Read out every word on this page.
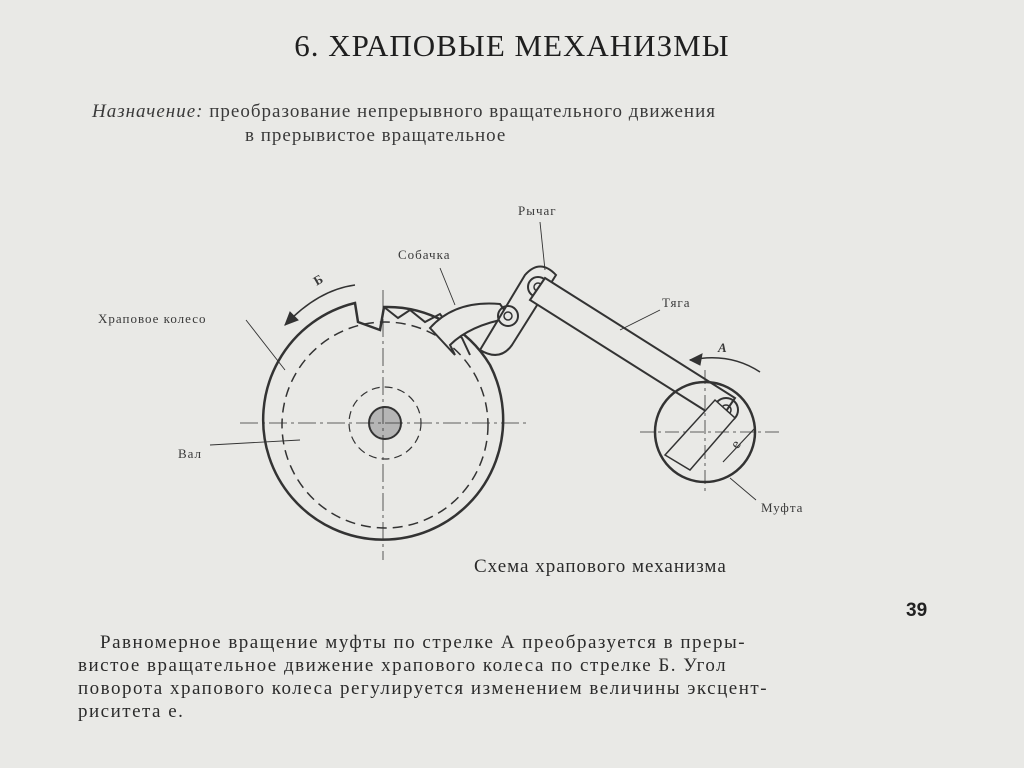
6. ХРАПОВЫЕ МЕХАНИЗМЫ
Назначение: преобразование непрерывного вращательного движения
в прерывистое вращательное
Рычаг
Собачка
Храповое колесо
Тяга
Вал
Муфта
А
Б
е
Схема храпового механизма
39
Равномерное вращение муфты по стрелке А преобразуется в преры-
вистое вращательное движение храпового колеса по стрелке Б. Угол
поворота храпового колеса регулируется изменением величины эксцент-
риситета е.
